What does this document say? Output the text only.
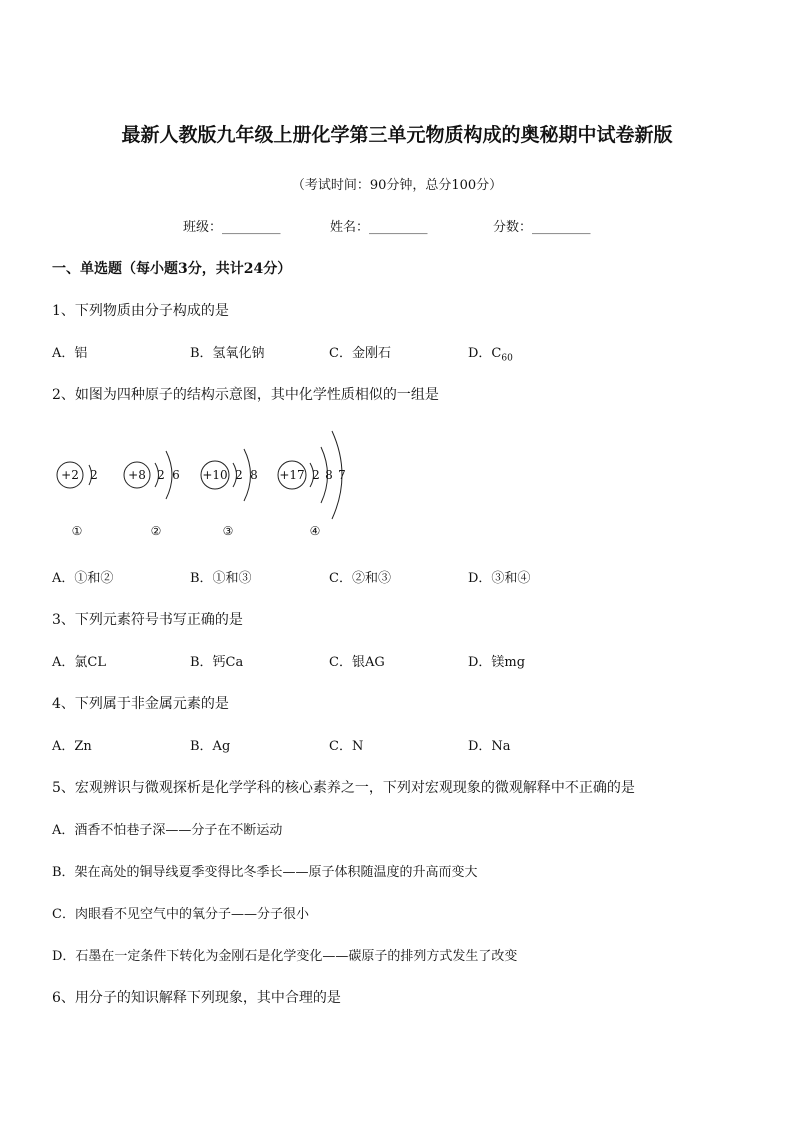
最新人教版九年级上册化学第三单元物质构成的奥秘期中试卷新版
（考试时间：90分钟，总分100分）
班级：_________	姓名：_________	分数：_________
一、单选题（每小题3分，共计24分）
1、下列物质由分子构成的是
A．铝	B．氢氧化钠	C．金刚石	D．$C_{60}$
2、如图为四种原子的结构示意图，其中化学性质相似的一组是
+2 2
①
+8 2 6
②
+10 2 8
③
+17 2 8 7
④
A．①和②	B．①和③	C．②和③	D．③和④
3、下列元素符号书写正确的是
A．氯CL	B．钙Ca	C．银AG	D．镁mg
4、下列属于非金属元素的是
A．Zn	B．Ag	C．N	D．Na
5、宏观辨识与微观探析是化学学科的核心素养之一，下列对宏观现象的微观解释中不正确的是
A．酒香不怕巷子深——分子在不断运动
B．架在高处的铜导线夏季变得比冬季长——原子体积随温度的升高而变大
C．肉眼看不见空气中的氧分子——分子很小
D．石墨在一定条件下转化为金刚石是化学变化——碳原子的排列方式发生了改变
6、用分子的知识解释下列现象，其中合理的是
